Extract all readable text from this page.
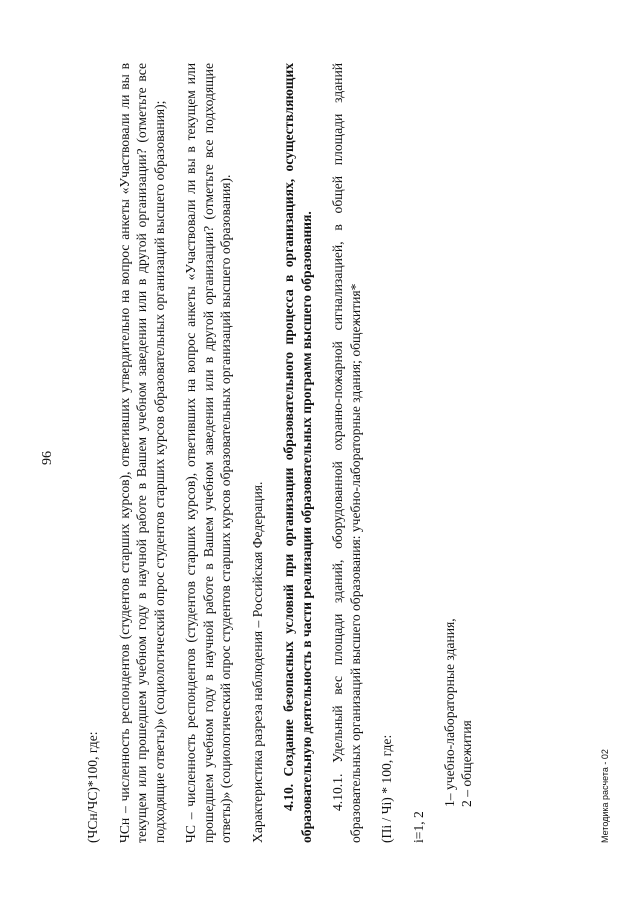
96

(ЧСн/ЧС)*100, где: ЧСн – численность респондентов (студентов старших курсов), ответивших утвердительно на вопрос анкеты «Участвовали ли вы в текущем или прошедшем учебном году в научной работе в Вашем учебном заведении или в другой организации? (отметьте все подходящие ответы)» (социологический опрос студентов старших курсов образовательных организаций высшего образования); ЧС – численность респондентов (студентов старших курсов), ответивших на вопрос анкеты «Участвовали ли вы в текущем или прошедшем учебном году в научной работе в Вашем учебном заведении или в другой организации? (отметьте все подходящие ответы)» (социологический опрос студентов старших курсов образовательных организаций высшего образования). Характеристика разреза наблюдения – Российская Федерация. 4.10. Создание безопасных условий при организации образовательного процесса в организациях, осуществляющих образовательную деятельность в части реализации образовательных программ высшего образования. 4.10.1. Удельный вес площади зданий, оборудованной охранно-пожарной сигнализацией, в общей площади зданий образовательных организаций высшего образования: учебно-лабораторные здания; общежития* (Пi / Чi) * 100, где: i=1, 2

1– учебно-лабораторные здания, 2 – общежития	Методика расчета - 02
